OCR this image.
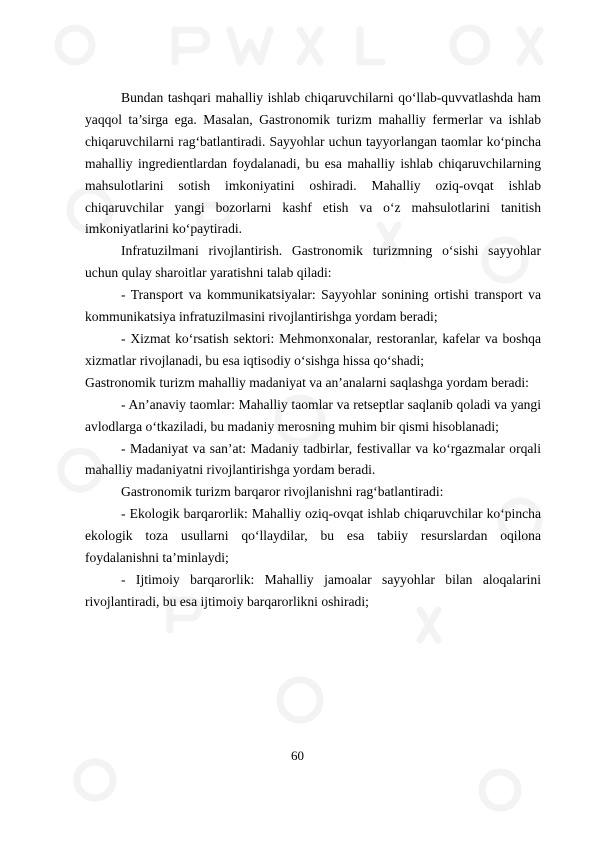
Bundan tashqari mahalliy ishlab chiqaruvchilarni qo‘llab-quvvatlashda ham yaqqol ta’sirga ega. Masalan, Gastronomik turizm mahalliy fermerlar va ishlab chiqaruvchilarni rag‘batlantiradi. Sayyohlar uchun tayyorlangan taomlar ko‘pincha mahalliy ingredientlardan foydalanadi, bu esa mahalliy ishlab chiqaruvchilarning mahsulotlarini sotish imkoniyatini oshiradi. Mahalliy oziq-ovqat ishlab chiqaruvchilar yangi bozorlarni kashf etish va o‘z mahsulotlarini tanitish imkoniyatlarini ko‘paytiradi.

Infratuzilmani rivojlantirish. Gastronomik turizmning o‘sishi sayyohlar uchun qulay sharoitlar yaratishni talab qiladi:

- Transport va kommunikatsiyalar: Sayyohlar sonining ortishi transport va kommunikatsiya infratuzilmasini rivojlantirishga yordam beradi;

- Xizmat ko‘rsatish sektori: Mehmonxonalar, restoranlar, kafelar va boshqa xizmatlar rivojlanadi, bu esa iqtisodiy o‘sishga hissa qo‘shadi;

Gastronomik turizm mahalliy madaniyat va an’analarni saqlashga yordam beradi:

- An’anaviy taomlar: Mahalliy taomlar va retseptlar saqlanib qoladi va yangi avlodlarga o‘tkaziladi, bu madaniy merosning muhim bir qismi hisoblanadi;

- Madaniyat va san’at: Madaniy tadbirlar, festivallar va ko‘rgazmalar orqali mahalliy madaniyatni rivojlantirishga yordam beradi.

Gastronomik turizm barqaror rivojlanishni rag‘batlantiradi:

- Ekologik barqarorlik: Mahalliy oziq-ovqat ishlab chiqaruvchilar ko‘pincha ekologik toza usullarni qo‘llaydilar, bu esa tabiiy resurslardan oqilona foydalanishni ta’minlaydi;

- Ijtimoiy barqarorlik: Mahalliy jamoalar sayyohlar bilan aloqalarini rivojlantiradi, bu esa ijtimoiy barqarorlikni oshiradi;

60
